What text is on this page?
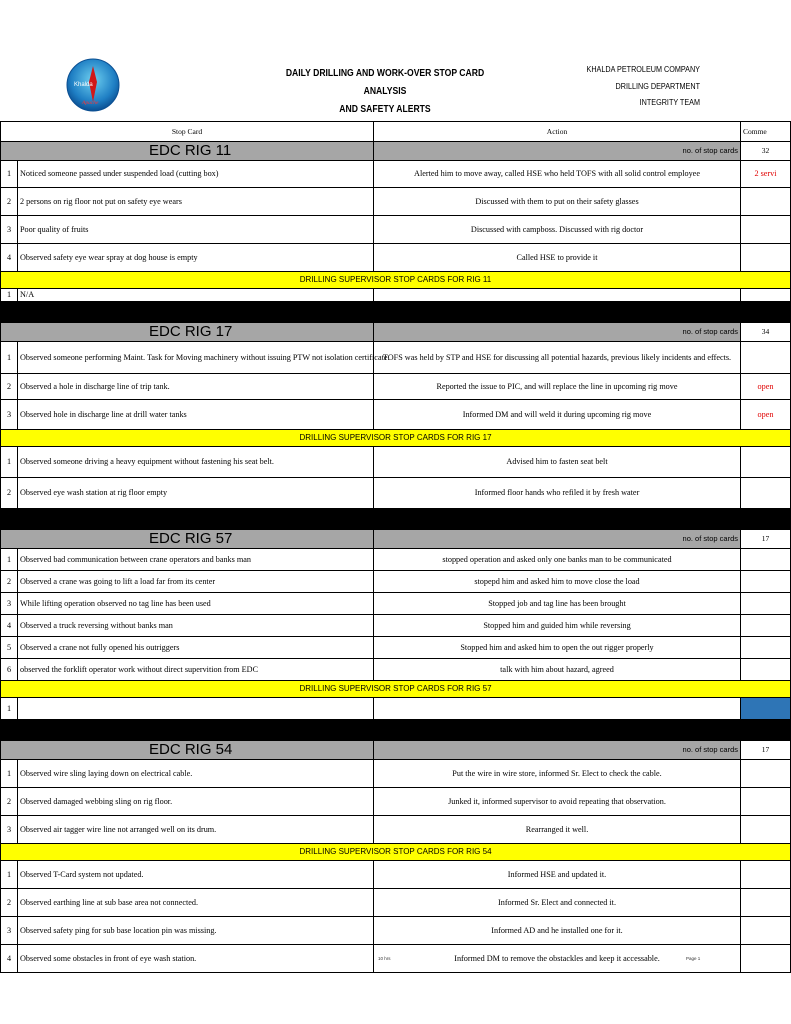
Khalda
Apache
DAILY DRILLING AND WORK-OVER STOP CARD ANALYSIS
AND SAFETY ALERTS
KHALDA PETROLEUM COMPANY
DRILLING DEPARTMENT
INTEGRITY TEAM
Stop Card		Action	Comme
EDC RIG 11		no. of stop cards	32
1	Noticed someone passed under suspended load (cutting box)	Alerted him to move away, called HSE who held TOFS with all solid control employee	2 servi
2	2 persons on rig floor not put on safety eye wears	Discussed with them to put on their safety glasses	
3	Poor quality of fruits	Discussed with campboss. Discussed with rig doctor	
4	Observed safety eye wear spray at dog house is empty	Called HSE to provide it	
DRILLING SUPERVISOR STOP CARDS FOR RIG 11			
1	N/A		

EDC RIG 17		no. of stop cards	34
1	Observed someone performing Maint. Task for Moving machinery without issuing PTW not isolation certificate.	TOFS was held by STP and HSE for discussing all potential hazards, previous likely incidents and effects.	
2	Observed a hole in discharge line of trip tank.	Reported the issue to PIC, and will replace the line in upcoming rig move	open
3	Observed hole in discharge line at drill water tanks	Informed DM and will weld it during upcoming rig move	open
DRILLING SUPERVISOR STOP CARDS FOR RIG 17			
1	Observed someone driving a heavy equipment without fastening his seat belt.	Advised him to fasten seat belt	
2	Observed eye wash station at rig floor empty	Informed floor hands who refiled it by fresh water	

EDC RIG 57		no. of stop cards	17
1	Observed bad communication between crane operators and banks man	stopped operation and asked only one banks man to be communicated	
2	Observed a crane was going to lift a load far from its center	stopepd him and asked him to move close the load	
3	While lifting operation observed no tag line has been used	Stopped job and tag line has been brought	
4	Observed a truck reversing without banks man	Stopped him and guided him while reversing	
5	Observed a crane not fully opened his outriggers	Stopped him and asked him to open the out rigger properly	
6	observed the forklift operator work without direct supervition from EDC	talk with him about hazard, agreed	
DRILLING SUPERVISOR STOP CARDS FOR RIG 57			
1			

EDC RIG 54		no. of stop cards	17
1	Observed wire sling laying down on electrical cable.	Put the wire in wire store, informed Sr. Elect to check the cable.	
2	Observed damaged webbing sling on rig floor.	Junked it, informed supervisor to avoid repeating that observation.	
3	Observed air tagger wire line not arranged well on its drum.	Rearranged it well.	
DRILLING SUPERVISOR STOP CARDS FOR RIG 54			
1	Observed T-Card system not updated.	Informed HSE and updated it.	
2	Observed earthing line at sub base area not connected.	Informed Sr. Elect and connected it.	
3	Observed safety ping for sub base location pin was missing.	Informed AD and he installed one for it.	
4	Observed some obstacles in front of eye wash station.	Informed DM to remove the obstackles and keep it accessable.	
10 hrs	Page 1
